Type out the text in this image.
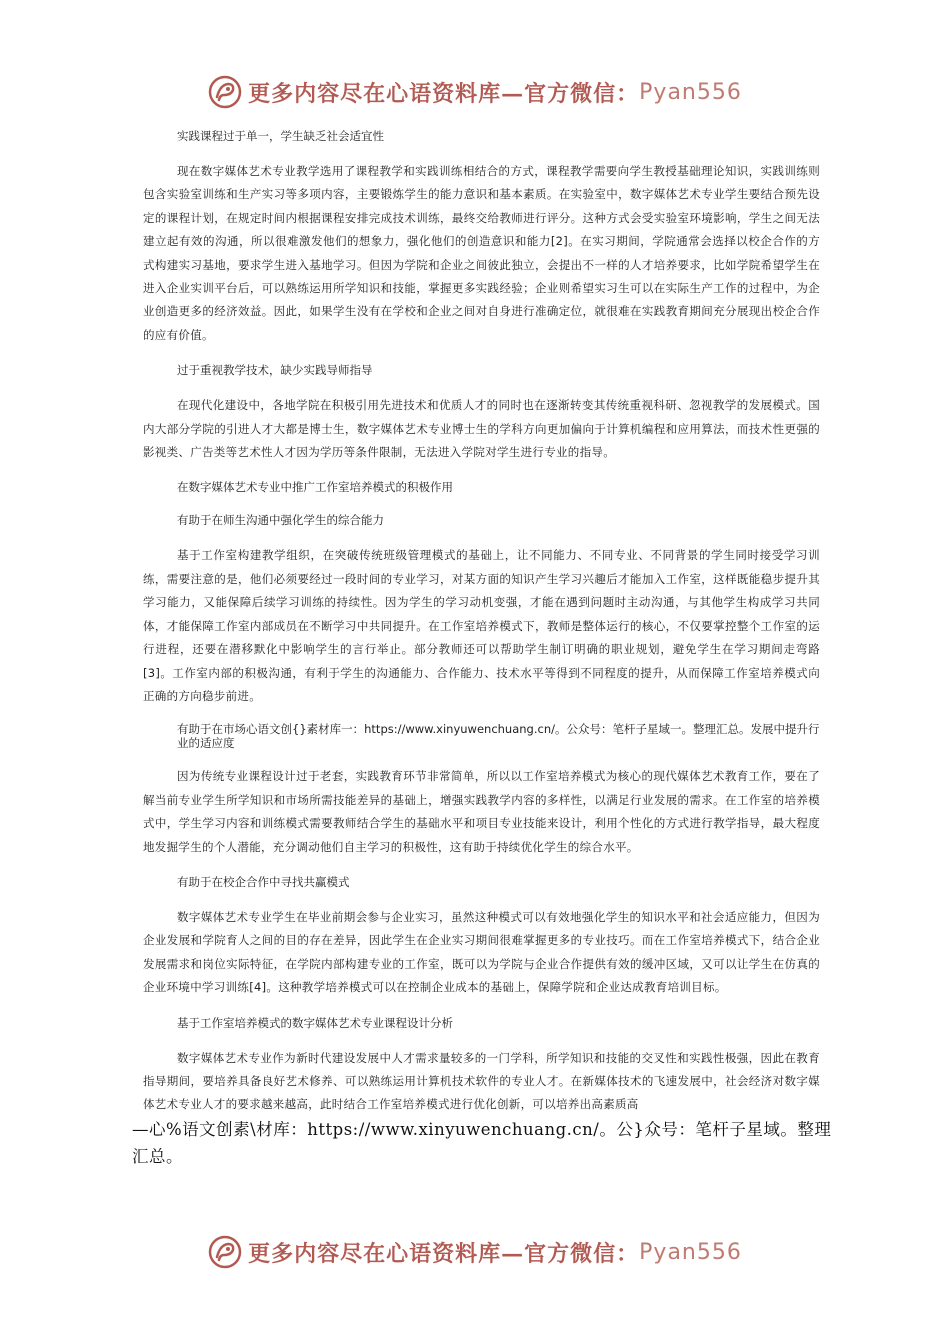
更多内容尽在心语资料库—官方微信： Pyan556
实践课程过于单一，学生缺乏社会适宜性

现在数字媒体艺术专业教学选用了课程教学和实践训练相结合的方式，课程教学需要向学生教授基础理论知识，实践训练则包含实验室训练和生产实习等多项内容，主要锻炼学生的能力意识和基本素质。在实验室中，数字媒体艺术专业学生要结合预先设定的课程计划，在规定时间内根据课程安排完成技术训练，最终交给教师进行评分。这种方式会受实验室环境影响，学生之间无法建立起有效的沟通，所以很难激发他们的想象力，强化他们的创造意识和能力[2]。在实习期间，学院通常会选择以校企合作的方式构建实习基地，要求学生进入基地学习。但因为学院和企业之间彼此独立，会提出不一样的人才培养要求，比如学院希望学生在进入企业实训平台后，可以熟练运用所学知识和技能，掌握更多实践经验；企业则希望实习生可以在实际生产工作的过程中，为企业创造更多的经济效益。因此，如果学生没有在学校和企业之间对自身进行准确定位，就很难在实践教育期间充分展现出校企合作的应有价值。

过于重视教学技术，缺少实践导师指导

在现代化建设中，各地学院在积极引用先进技术和优质人才的同时也在逐渐转变其传统重视科研、忽视教学的发展模式。国内大部分学院的引进人才大都是博士生，数字媒体艺术专业博士生的学科方向更加偏向于计算机编程和应用算法，而技术性更强的影视类、广告类等艺术性人才因为学历等条件限制，无法进入学院对学生进行专业的指导。

在数字媒体艺术专业中推广工作室培养模式的积极作用
有助于在师生沟通中强化学生的综合能力

基于工作室构建教学组织，在突破传统班级管理模式的基础上，让不同能力、不同专业、不同背景的学生同时接受学习训练，需要注意的是，他们必须要经过一段时间的专业学习，对某方面的知识产生学习兴趣后才能加入工作室，这样既能稳步提升其学习能力，又能保障后续学习训练的持续性。因为学生的学习动机变强，才能在遇到问题时主动沟通，与其他学生构成学习共同体，才能保障工作室内部成员在不断学习中共同提升。在工作室培养模式下，教师是整体运行的核心，不仅要掌控整个工作室的运行进程，还要在潜移默化中影响学生的言行举止。部分教师还可以帮助学生制订明确的职业规划，避免学生在学习期间走弯路[3]。工作室内部的积极沟通，有利于学生的沟通能力、合作能力、技术水平等得到不同程度的提升，从而保障工作室培养模式向正确的方向稳步前进。

有助于在市场心语文创{}素材库一：https://www.xinyuwenchuang.cn/。公众号：笔杆子星域一。整理汇总。发展中提升行业的适应度

因为传统专业课程设计过于老套，实践教育环节非常简单，所以以工作室培养模式为核心的现代媒体艺术教育工作，要在了解当前专业学生所学知识和市场所需技能差异的基础上，增强实践教学内容的多样性，以满足行业发展的需求。在工作室的培养模式中，学生学习内容和训练模式需要教师结合学生的基础水平和项目专业技能来设计，利用个性化的方式进行教学指导，最大程度地发掘学生的个人潜能，充分调动他们自主学习的积极性，这有助于持续优化学生的综合水平。

有助于在校企合作中寻找共赢模式

数字媒体艺术专业学生在毕业前期会参与企业实习，虽然这种模式可以有效地强化学生的知识水平和社会适应能力，但因为企业发展和学院育人之间的目的存在差异，因此学生在企业实习期间很难掌握更多的专业技巧。而在工作室培养模式下，结合企业发展需求和岗位实际特征，在学院内部构建专业的工作室，既可以为学院与企业合作提供有效的缓冲区域，又可以让学生在仿真的企业环境中学习训练[4]。这种教学培养模式可以在控制企业成本的基础上，保障学院和企业达成教育培训目标。

基于工作室培养模式的数字媒体艺术专业课程设计分析

数字媒体艺术专业作为新时代建设发展中人才需求量较多的一门学科，所学知识和技能的交叉性和实践性极强，因此在教育指导期间，要培养具备良好艺术修养、可以熟练运用计算机技术软件的专业人才。在新媒体技术的飞速发展中，社会经济对数字媒体艺术专业人才的要求越来越高，此时结合工作室培养模式进行优化创新，可以培养出高素质高

—心%语文创素\材库：https://www.xinyuwenchuang.cn/。公}众号：笔杆子星域。整理汇总。
更多内容尽在心语资料库—官方微信： Pyan556
